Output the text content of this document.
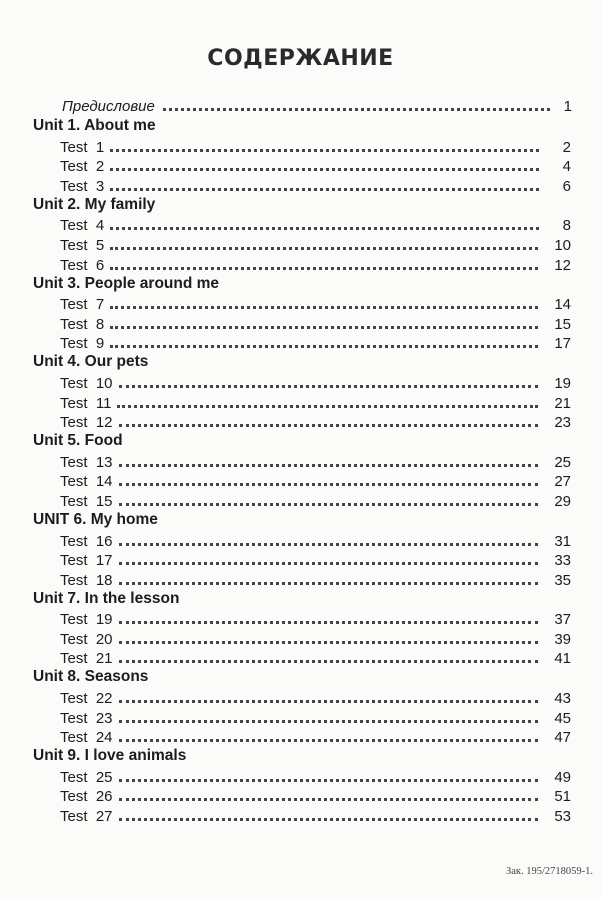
СОДЕРЖАНИЕ
Предисловие	1
Unit 1. About me
Test  1	2
Test  2	4
Test  3	6
Unit 2. My family
Test  4	8
Test  5	10
Test  6	12
Unit 3. People around me
Test  7	14
Test  8	15
Test  9	17
Unit 4. Our pets
Test  10	19
Test  11	21
Test  12	23
Unit 5. Food
Test  13	25
Test  14	27
Test  15	29
UNIT 6. My home
Test  16	31
Test  17	33
Test  18	35
Unit 7. In the lesson
Test  19	37
Test  20	39
Test  21	41
Unit 8. Seasons
Test  22	43
Test  23	45
Test  24	47
Unit 9. I love animals
Test  25	49
Test  26	51
Test  27	53
Зак. 195/2718059-1.
